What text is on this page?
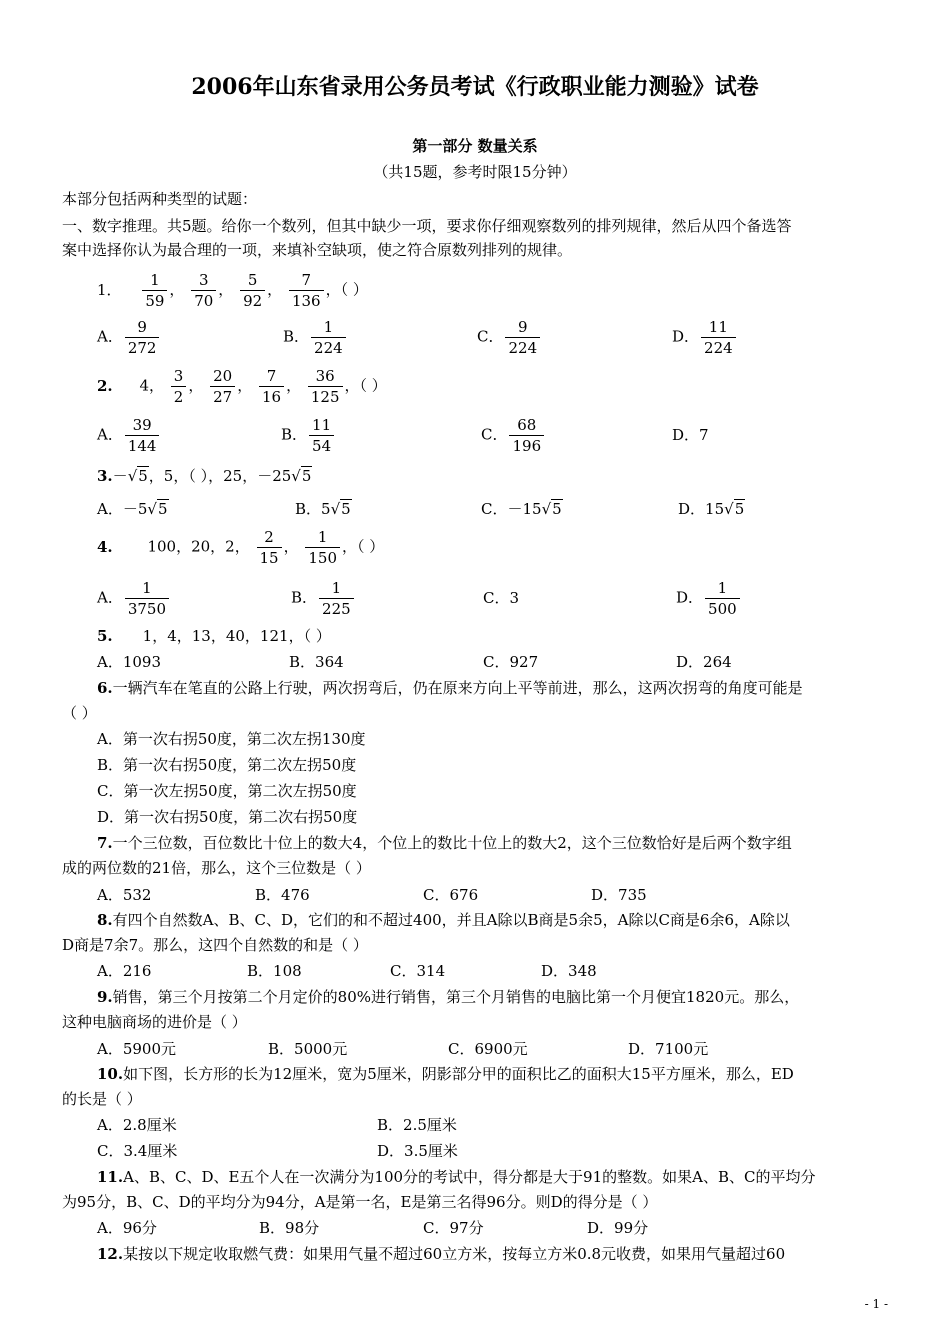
2006年山东省录用公务员考试《行政职业能力测验》试卷
第一部分 数量关系
（共15题，参考时限15分钟）
本部分包括两种类型的试题：
一、数字推理。共5题。给你一个数列，但其中缺少一项，要求你仔细观察数列的排列规律，然后从四个备选答
案中选择你认为最合理的一项，来填补空缺项，使之符合原数列排列的规律。
1． $\frac{1}{59}$ ， $\frac{3}{70}$ ， $\frac{5}{92}$ ， $\frac{7}{136}$ ，（ ）
A． $\frac{9}{272}$	B． $\frac{1}{224}$	C． $\frac{9}{224}$	D． $\frac{11}{224}$
2. 4， $\frac{3}{2}$ ， $\frac{20}{27}$ ， $\frac{7}{16}$ ， $\frac{36}{125}$ ，（ ）
A． $\frac{39}{144}$	B． $\frac{11}{54}$	C． $\frac{68}{196}$	D．7
3.－√5，5，（ ），25，－25√5
A．－5√5	B．5√5	C．－15√5	D．15√5
4. 100，20，2， $\frac{2}{15}$ ， $\frac{1}{150}$ ，（ ）
A． $\frac{1}{3750}$	B． $\frac{1}{225}$	C．3	D． $\frac{1}{500}$
5. 1，4，13，40，121，（ ）
A．1093	B．364	C．927	D．264
6.一辆汽车在笔直的公路上行驶，两次拐弯后，仍在原来方向上平等前进，那么，这两次拐弯的角度可能是
（ ）
A．第一次右拐50度，第二次左拐130度
B．第一次右拐50度，第二次左拐50度
C．第一次左拐50度，第二次左拐50度
D．第一次右拐50度，第二次右拐50度
7.一个三位数，百位数比十位上的数大4，个位上的数比十位上的数大2，这个三位数恰好是后两个数字组
成的两位数的21倍，那么，这个三位数是（ ）
A．532	B．476	C．676	D．735
8.有四个自然数A、B、C、D，它们的和不超过400，并且A除以B商是5余5，A除以C商是6余6，A除以
D商是7余7。那么，这四个自然数的和是（ ）
A．216	B．108	C．314	D．348
9.销售，第三个月按第二个月定价的80%进行销售，第三个月销售的电脑比第一个月便宜1820元。那么，
这种电脑商场的进价是（ ）
A．5900元	B．5000元	C．6900元	D．7100元
10.如下图，长方形的长为12厘米，宽为5厘米，阴影部分甲的面积比乙的面积大15平方厘米，那么，ED
的长是（ ）
A．2.8厘米	B．2.5厘米
C．3.4厘米	D．3.5厘米
11.A、B、C、D、E五个人在一次满分为100分的考试中，得分都是大于91的整数。如果A、B、C的平均分
为95分，B、C、D的平均分为94分，A是第一名，E是第三名得96分。则D的得分是（ ）
A．96分	B．98分	C．97分	D．99分
12.某按以下规定收取燃气费：如果用气量不超过60立方米，按每立方米0.8元收费，如果用气量超过60
- 1 -
